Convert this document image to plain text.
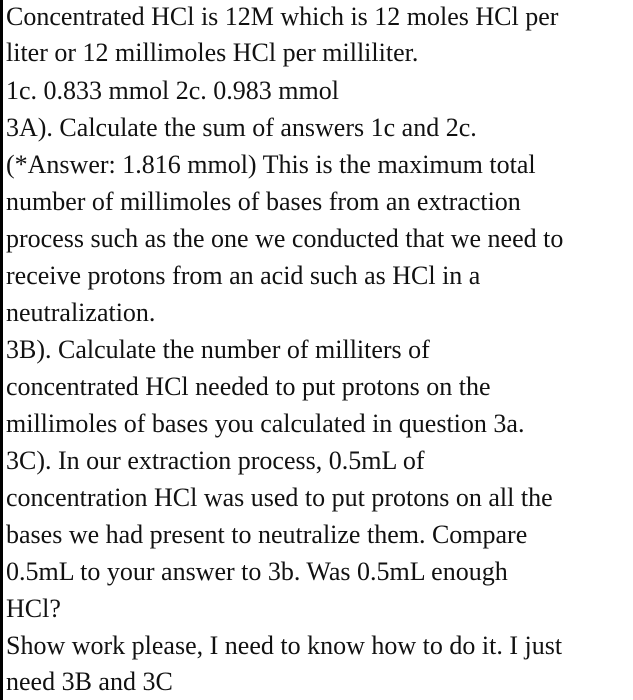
Concentrated HCl is 12M which is 12 moles HCl per
liter or 12 millimoles HCl per milliliter.
1c. 0.833 mmol 2c. 0.983 mmol
3A). Calculate the sum of answers 1c and 2c.
(*Answer: 1.816 mmol) This is the maximum total
number of millimoles of bases from an extraction
process such as the one we conducted that we need to
receive protons from an acid such as HCl in a
neutralization.
3B). Calculate the number of milliters of
concentrated HCl needed to put protons on the
millimoles of bases you calculated in question 3a.
3C). In our extraction process, 0.5mL of
concentration HCl was used to put protons on all the
bases we had present to neutralize them. Compare
0.5mL to your answer to 3b. Was 0.5mL enough
HCl?
Show work please, I need to know how to do it. I just
need 3B and 3C
